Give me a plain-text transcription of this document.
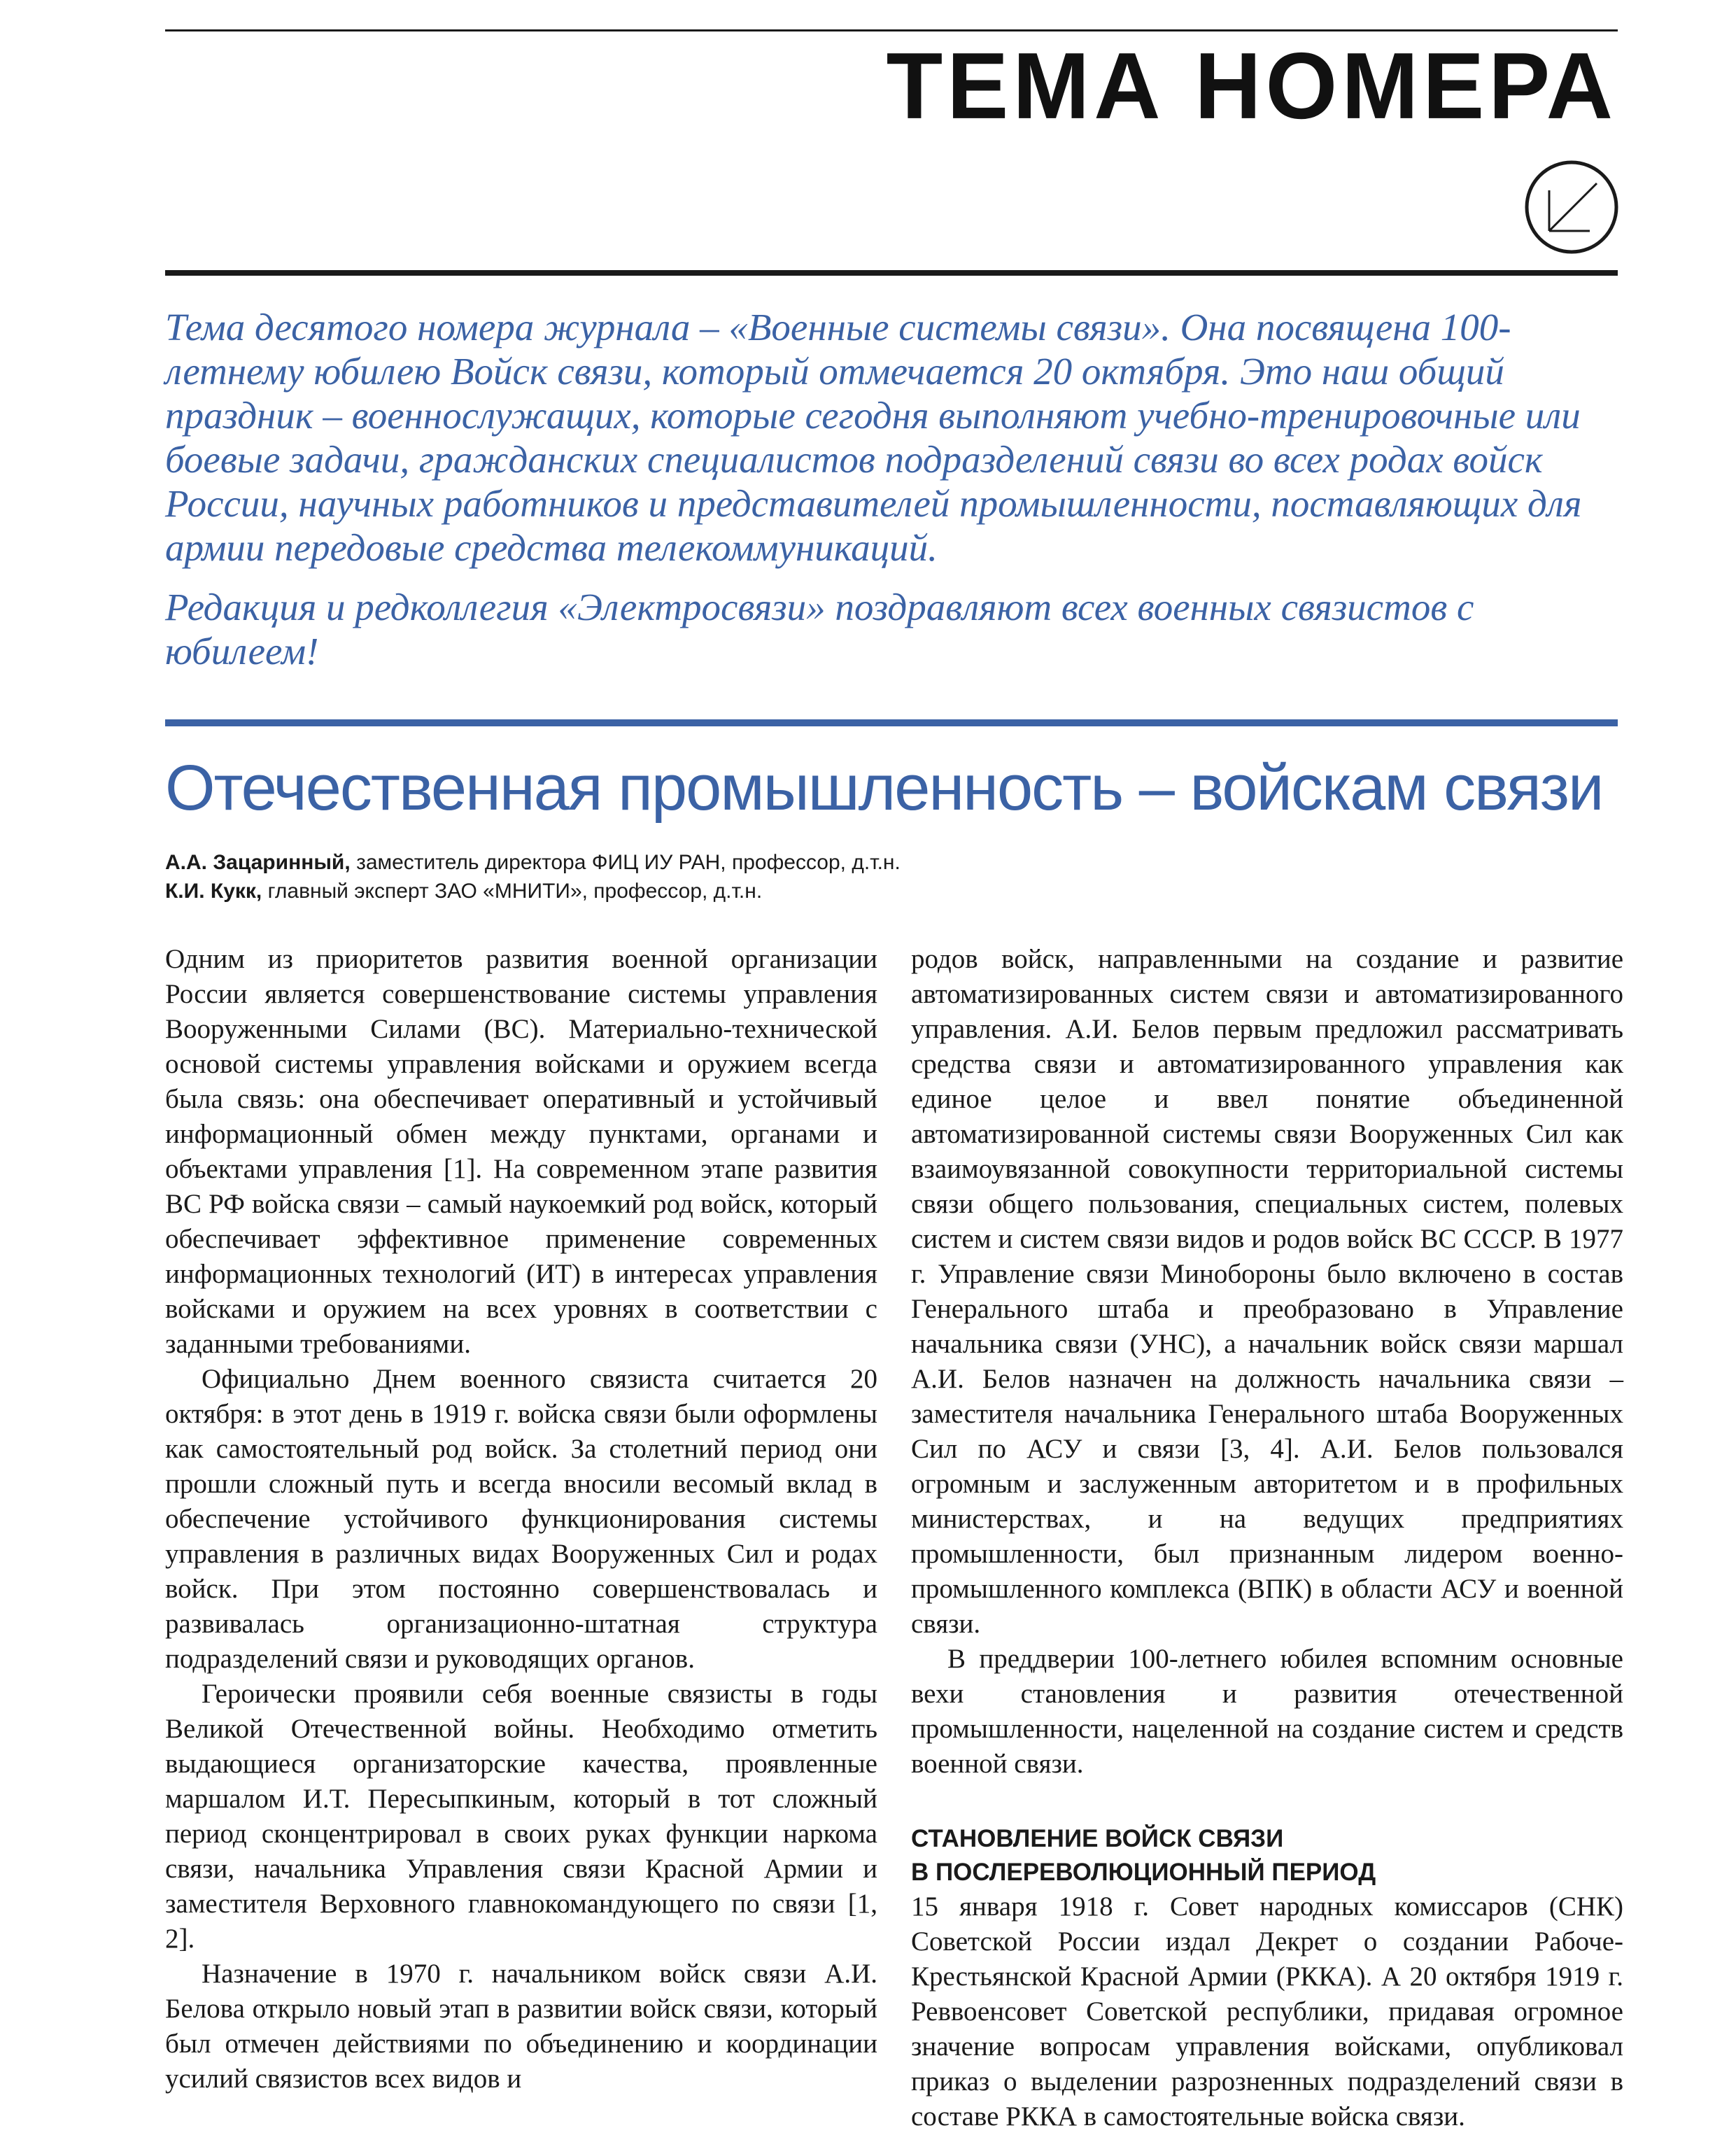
ТЕМА НОМЕРА

Тема десятого номера журнала – «Военные системы связи». Она посвящена 100-летнему юбилею Войск связи, который отмечается 20 октября. Это наш общий праздник – военнослужащих, которые сегодня выполняют учебно-тренировочные или боевые задачи, гражданских специалистов подразделений связи во всех родах войск России, научных работников и представителей промышленности, поставляющих для армии передовые средства телекоммуникаций.

Редакция и редколлегия «Электросвязи» поздравляют всех военных связистов с юбилеем!

Отечественная промышленность – войскам связи
А.А. Зацаринный, заместитель директора ФИЦ ИУ РАН, профессор, д.т.н.
К.И. Кукк, главный эксперт ЗАО «МНИТИ», профессор, д.т.н.

Одним из приоритетов развития военной организации России является совершенствование системы управления Вооруженными Силами (ВС). Материально-технической основой системы управления войсками и оружием всегда была связь: она обеспечивает оперативный и устойчивый информационный обмен между пунктами, органами и объектами управления [1]. На современном этапе развития ВС РФ войска связи – самый наукоемкий род войск, который обеспечивает эффективное применение современных информационных технологий (ИТ) в интересах управления войсками и оружием на всех уровнях в соответствии с заданными требованиями.

Официально Днем военного связиста считается 20 октября: в этот день в 1919 г. войска связи были оформлены как самостоятельный род войск. За столетний период они прошли сложный путь и всегда вносили весомый вклад в обеспечение устойчивого функционирования системы управления в различных видах Вооруженных Сил и родах войск. При этом постоянно совершенствовалась и развивалась организационно-штатная структура подразделений связи и руководящих органов.

Героически проявили себя военные связисты в годы Великой Отечественной войны. Необходимо отметить выдающиеся организаторские качества, проявленные маршалом И.Т. Пересыпкиным, который в тот сложный период сконцентрировал в своих руках функции наркома связи, начальника Управления связи Красной Армии и заместителя Верховного главнокомандующего по связи [1, 2].

Назначение в 1970 г. начальником войск связи А.И. Белова открыло новый этап в развитии войск связи, который был отмечен действиями по объединению и координации усилий связистов всех видов и

родов войск, направленными на создание и развитие автоматизированных систем связи и автоматизированного управления. А.И. Белов первым предложил рассматривать средства связи и автоматизированного управления как единое целое и ввел понятие объединенной автоматизированной системы связи Вооруженных Сил как взаимоувязанной совокупности территориальной системы связи общего пользования, специальных систем, полевых систем и систем связи видов и родов войск ВС СССР. В 1977 г. Управление связи Минобороны было включено в состав Генерального штаба и преобразовано в Управление начальника связи (УНС), а начальник войск связи маршал А.И. Белов назначен на должность начальника связи – заместителя начальника Генерального штаба Вооруженных Сил по АСУ и связи [3, 4]. А.И. Белов пользовался огромным и заслуженным авторитетом и в профильных министерствах, и на ведущих предприятиях промышленности, был признанным лидером военно-промышленного комплекса (ВПК) в области АСУ и военной связи.

В преддверии 100-летнего юбилея вспомним основные вехи становления и развития отечественной промышленности, нацеленной на создание систем и средств военной связи.

СТАНОВЛЕНИЕ ВОЙСК СВЯЗИ
В ПОСЛЕРЕВОЛЮЦИОННЫЙ ПЕРИОД

15 января 1918 г. Совет народных комиссаров (СНК) Советской России издал Декрет о создании Рабоче-Крестьянской Красной Армии (РККА). А 20 октября 1919 г. Реввоенсовет Советской республики, придавая огромное значение вопросам управления войсками, опубликовал приказ о выделении разрозненных подразделений связи в составе РККА в самостоятельные войска связи.
